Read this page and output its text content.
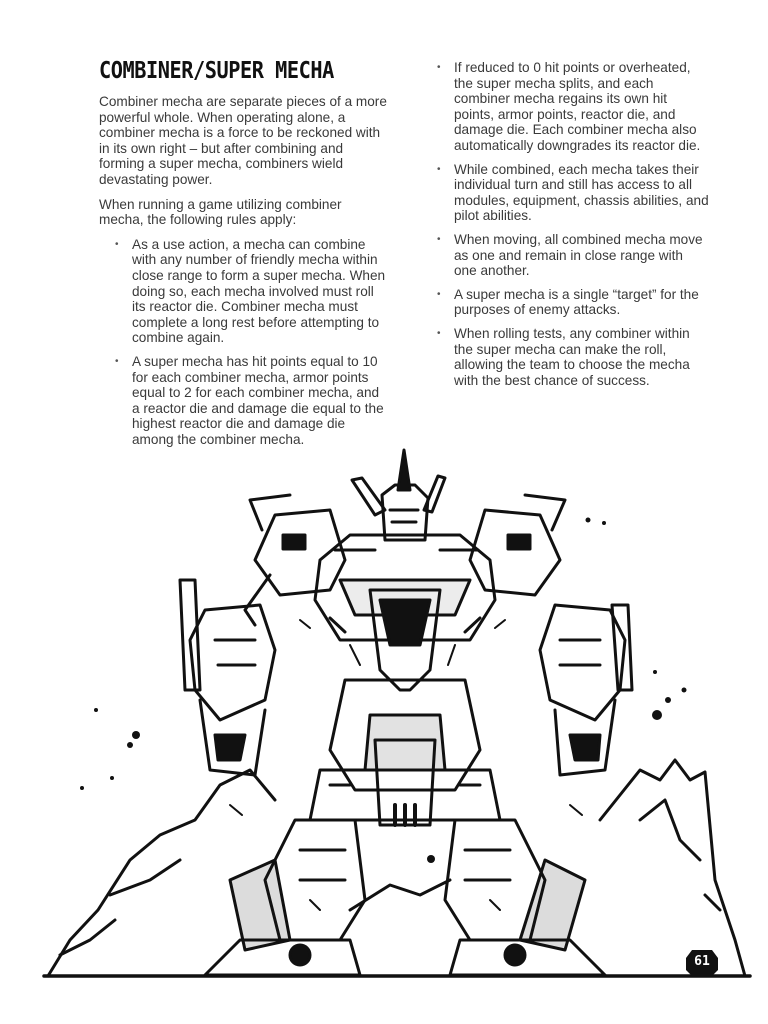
COMBINER/SUPER MECHA

Combiner mecha are separate pieces of a more powerful whole. When operating alone, a combiner mecha is a force to be reckoned with in its own right – but after combining and forming a super mecha, combiners wield devastating power.

When running a game utilizing combiner mecha, the following rules apply:

• As a use action, a mecha can combine with any number of friendly mecha within close range to form a super mecha. When doing so, each mecha involved must roll its reactor die. Combiner mecha must complete a long rest before attempting to combine again.
• A super mecha has hit points equal to 10 for each combiner mecha, armor points equal to 2 for each combiner mecha, and a reactor die and damage die equal to the highest reactor die and damage die among the combiner mecha.
• If reduced to 0 hit points or overheated, the super mecha splits, and each combiner mecha regains its own hit points, armor points, reactor die, and damage die. Each combiner mecha also automatically downgrades its reactor die.
• While combined, each mecha takes their individual turn and still has access to all modules, equipment, chassis abilities, and pilot abilities.
• When moving, all combined mecha move as one and remain in close range with one another.
• A super mecha is a single “target” for the purposes of enemy attacks.
• When rolling tests, any combiner within the super mecha can make the roll, allowing the team to choose the mecha with the best chance of success.
61
